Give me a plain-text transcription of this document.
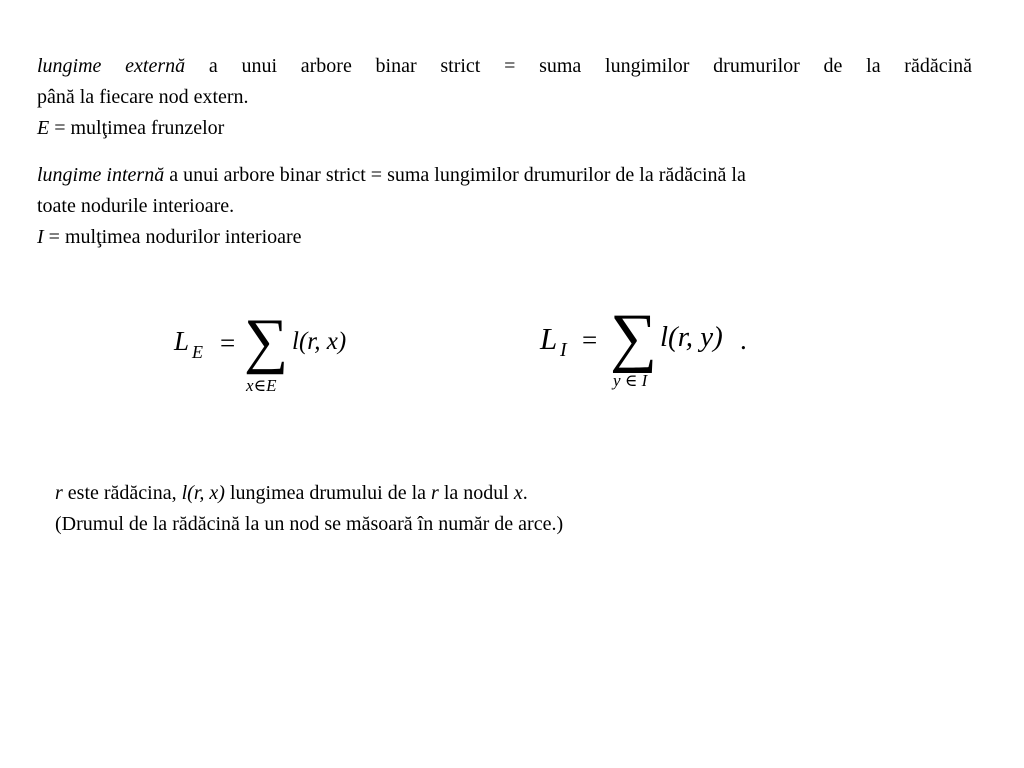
lungime externă a unui arbore binar strict = suma lungimilor drumurilor de la rădăcină
până la fiecare nod extern.
E = mulţimea frunzelor
lungime internă a unui arbore binar strict = suma lungimilor drumurilor de la rădăcină la
toate nodurile interioare.
I = mulţimea nodurilor interioare
L E = ∑ l(r, x)
x∈E
L I = ∑ l(r, y) .
y ∈ I
r este rădăcina, l(r, x) lungimea drumului de la r la nodul x.
(Drumul de la rădăcină la un nod se măsoară în număr de arce.)
